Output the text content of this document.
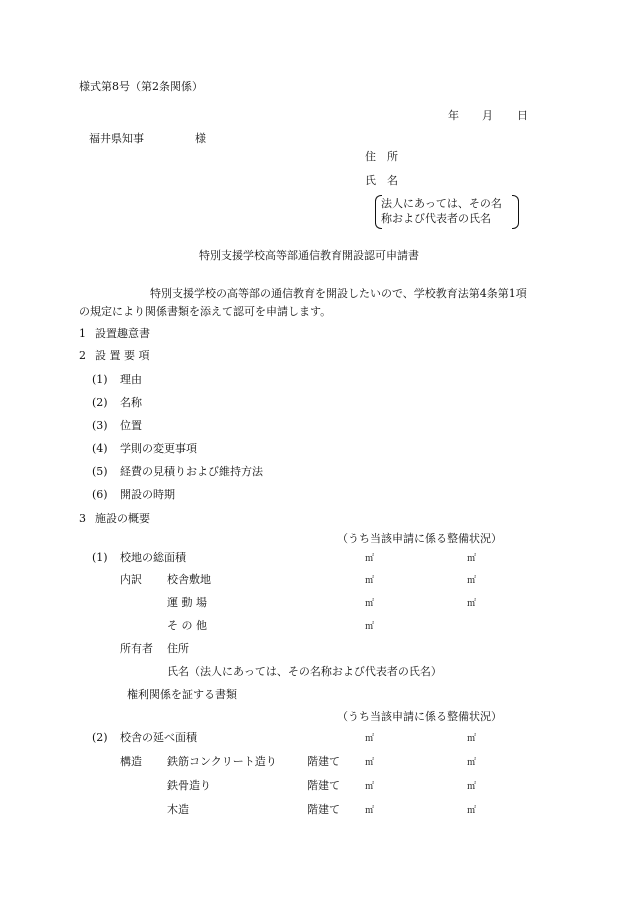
様式第8号（第2条関係）
年 月 日
福井県知事	様
住　所
氏　名
法人にあっては、その名
称および代表者の氏名
特別支援学校高等部通信教育開設認可申請書
特別支援学校の高等部の通信教育を開設したいので、学校教育法第4条第1項
の規定により関係書類を添えて認可を申請します。
1 設置趣意書
2 設 置 要 項
(1) 理由
(2) 名称
(3) 位置
(4) 学則の変更事項
(5) 経費の見積りおよび維持方法
(6) 開設の時期
3 施設の概要
（うち当該申請に係る整備状況）
(1) 校地の総面積	㎡	㎡
内訳 校舎敷地	㎡	㎡
運 動 場	㎡	㎡
そ の 他	㎡
所有者 住所
氏名（法人にあっては、その名称および代表者の氏名）
権利関係を証する書類
（うち当該申請に係る整備状況）
(2) 校舎の延べ面積	㎡	㎡
構造 鉄筋コンクリート造り	階建て	㎡	㎡
鉄骨造り	階建て	㎡	㎡
木造	階建て	㎡	㎡
